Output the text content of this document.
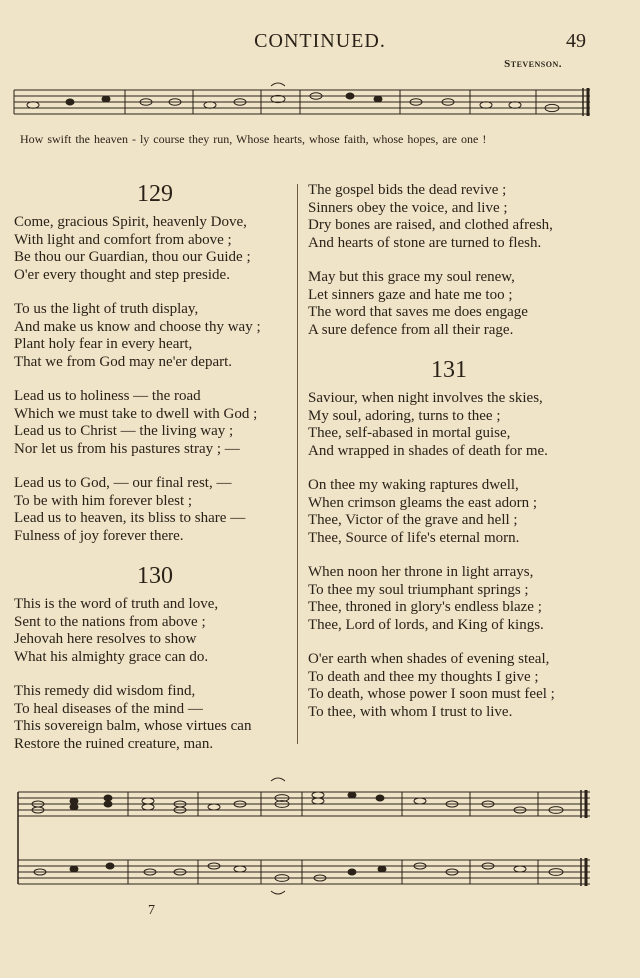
CONTINUED.	49
Stevenson.
How swift the heaven - ly course they run, Whose hearts, whose faith, whose hopes, are one !
129
Come, gracious Spirit, heavenly Dove,
With light and comfort from above ;
Be thou our Guardian, thou our Guide ;
O'er every thought and step preside.
To us the light of truth display,
And make us know and choose thy way ;
Plant holy fear in every heart,
That we from God may ne'er depart.
Lead us to holiness — the road
Which we must take to dwell with God ;
Lead us to Christ — the living way ;
Nor let us from his pastures stray ; —
Lead us to God, — our final rest, —
To be with him forever blest ;
Lead us to heaven, its bliss to share —
Fulness of joy forever there.
130
This is the word of truth and love,
Sent to the nations from above ;
Jehovah here resolves to show
What his almighty grace can do.
This remedy did wisdom find,
To heal diseases of the mind —
This sovereign balm, whose virtues can
Restore the ruined creature, man.
The gospel bids the dead revive ;
Sinners obey the voice, and live ;
Dry bones are raised, and clothed afresh,
And hearts of stone are turned to flesh.
May but this grace my soul renew,
Let sinners gaze and hate me too ;
The word that saves me does engage
A sure defence from all their rage.
131
Saviour, when night involves the skies,
My soul, adoring, turns to thee ;
Thee, self-abased in mortal guise,
And wrapped in shades of death for me.
On thee my waking raptures dwell,
When crimson gleams the east adorn ;
Thee, Victor of the grave and hell ;
Thee, Source of life's eternal morn.
When noon her throne in light arrays,
To thee my soul triumphant springs ;
Thee, throned in glory's endless blaze ;
Thee, Lord of lords, and King of kings.
O'er earth when shades of evening steal,
To death and thee my thoughts I give ;
To death, whose power I soon must feel ;
To thee, with whom I trust to live.
7
